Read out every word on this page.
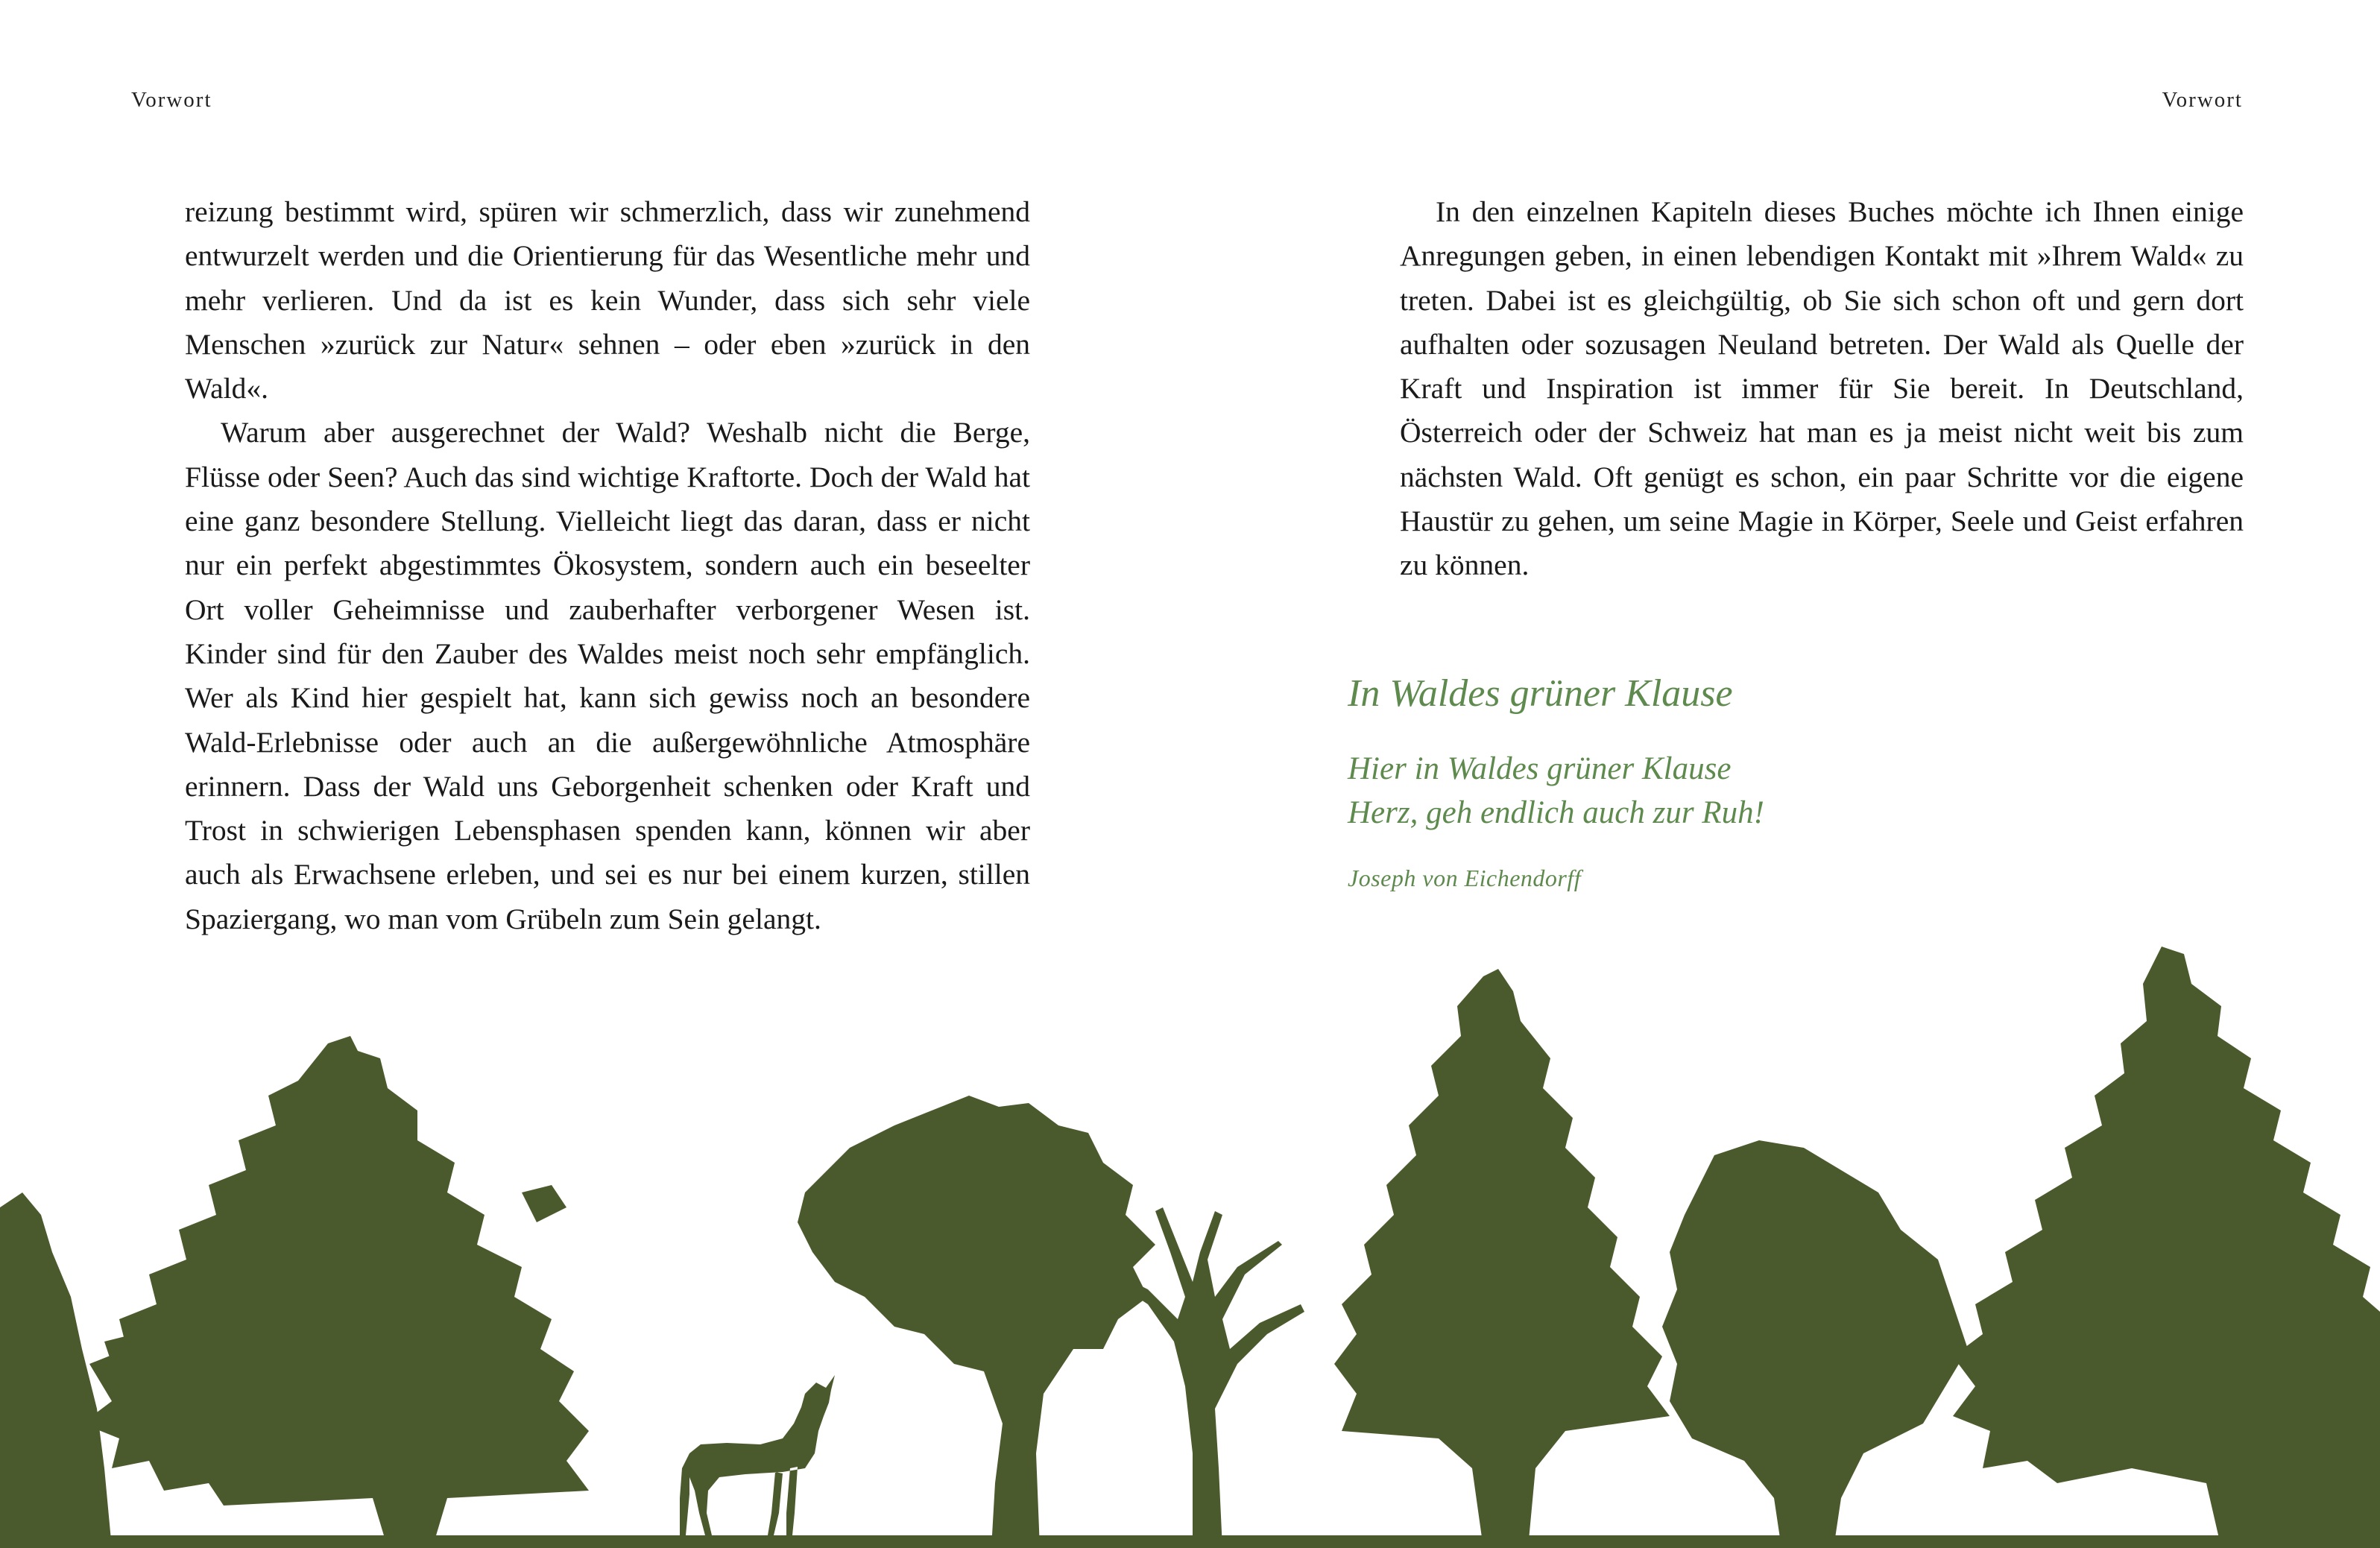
Vorwort	Vorwort

reizung bestimmt wird, spüren wir schmerzlich, dass wir zunehmend entwurzelt werden und die Orientierung für das Wesentliche mehr und mehr verlieren. Und da ist es kein Wunder, dass sich sehr viele Menschen »zurück zur Natur« sehnen – oder eben »zurück in den Wald«.

Warum aber ausgerechnet der Wald? Weshalb nicht die Berge, Flüsse oder Seen? Auch das sind wichtige Kraftorte. Doch der Wald hat eine ganz besondere Stellung. Vielleicht liegt das daran, dass er nicht nur ein perfekt abgestimmtes Ökosystem, sondern auch ein beseelter Ort voller Geheimnisse und zauberhafter verborgener Wesen ist. Kinder sind für den Zauber des Waldes meist noch sehr empfänglich. Wer als Kind hier gespielt hat, kann sich gewiss noch an besondere Wald-Erlebnisse oder auch an die außergewöhnliche Atmosphäre erinnern. Dass der Wald uns Geborgenheit schenken oder Kraft und Trost in schwierigen Lebensphasen spenden kann, können wir aber auch als Erwachsene erleben, und sei es nur bei einem kurzen, stillen Spaziergang, wo man vom Grübeln zum Sein gelangt.

In den einzelnen Kapiteln dieses Buches möchte ich Ihnen einige Anregungen geben, in einen lebendigen Kontakt mit »Ihrem Wald« zu treten. Dabei ist es gleichgültig, ob Sie sich schon oft und gern dort aufhalten oder sozusagen Neuland betreten. Der Wald als Quelle der Kraft und Inspiration ist immer für Sie bereit. In Deutschland, Österreich oder der Schweiz hat man es ja meist nicht weit bis zum nächsten Wald. Oft genügt es schon, ein paar Schritte vor die eigene Haustür zu gehen, um seine Magie in Körper, Seele und Geist erfahren zu können.

In Waldes grüner Klause
Hier in Waldes grüner Klause
Herz, geh endlich auch zur Ruh!
Joseph von Eichendorff
